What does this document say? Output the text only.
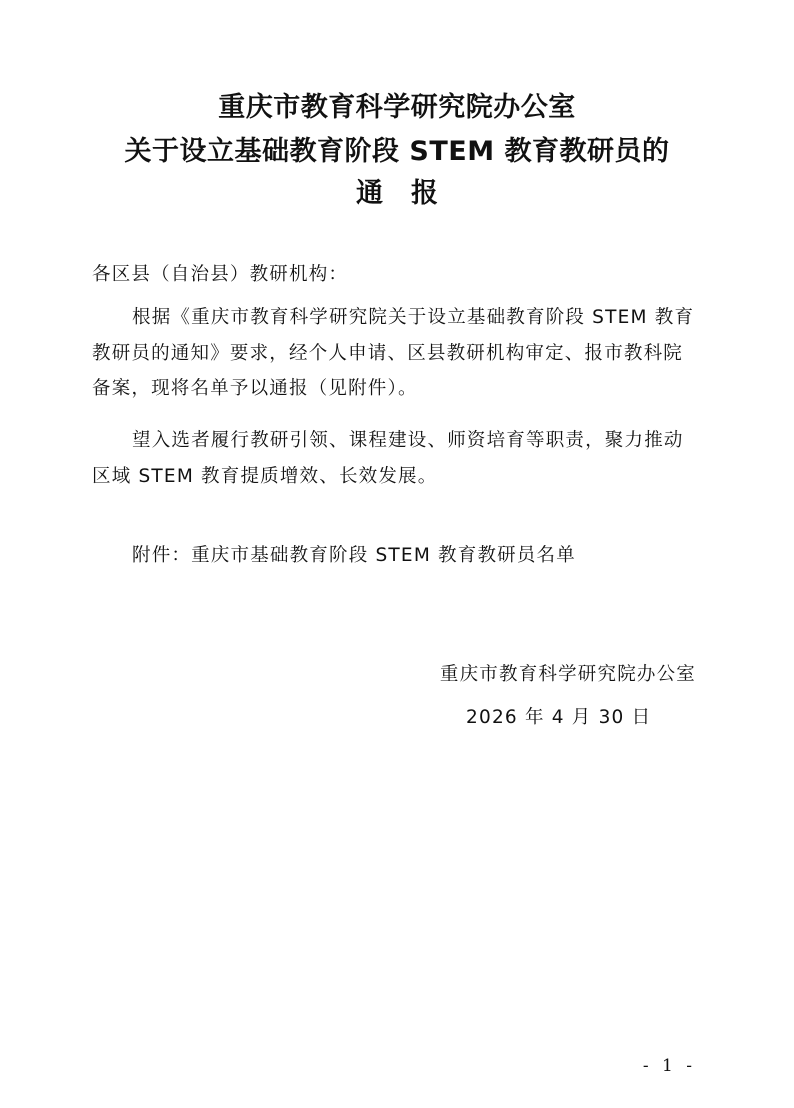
重庆市教育科学研究院办公室
关于设立基础教育阶段 STEM 教育教研员的
通报
各区县（自治县）教研机构：
根据《重庆市教育科学研究院关于设立基础教育阶段 STEM 教育教研员的通知》要求，经个人申请、区县教研机构审定、报市教科院备案，现将名单予以通报（见附件）。
望入选者履行教研引领、课程建设、师资培育等职责，聚力推动区域 STEM 教育提质增效、长效发展。
附件：重庆市基础教育阶段 STEM 教育教研员名单
重庆市教育科学研究院办公室
2026 年 4 月 30 日
- 1 -
